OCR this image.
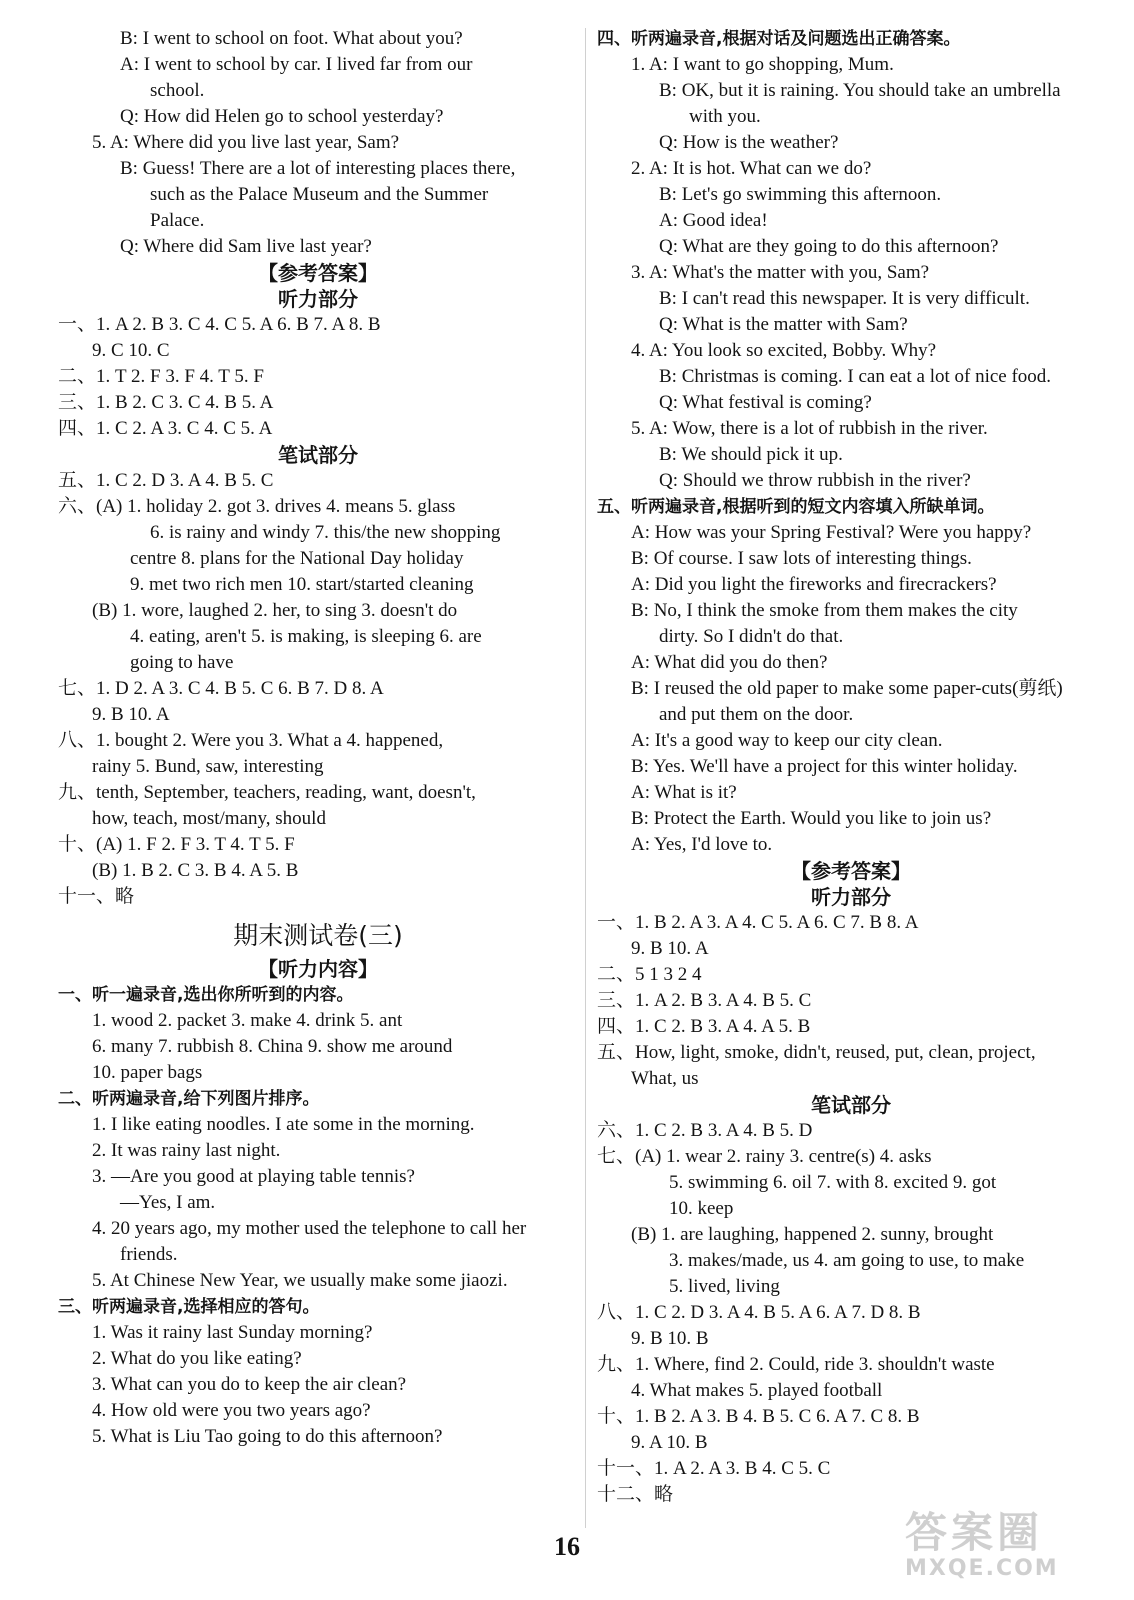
B: I went to school on foot. What about you?
A: I went to school by car. I lived far from our
school.
Q: How did Helen go to school yesterday?
5. A: Where did you live last year, Sam?
B: Guess! There are a lot of interesting places there,
such as the Palace Museum and the Summer
Palace.
Q: Where did Sam live last year?
【参考答案】
听力部分
一、1. A 2. B 3. C 4. C 5. A 6. B 7. A 8. B
9. C 10. C
二、1. T 2. F 3. F 4. T 5. F
三、1. B 2. C 3. C 4. B 5. A
四、1. C 2. A 3. C 4. C 5. A
笔试部分
五、1. C 2. D 3. A 4. B 5. C
六、(A) 1. holiday 2. got 3. drives 4. means 5. glass
6. is rainy and windy 7. this/the new shopping
centre 8. plans for the National Day holiday
9. met two rich men 10. start/started cleaning
(B) 1. wore, laughed 2. her, to sing 3. doesn't do
4. eating, aren't 5. is making, is sleeping 6. are
going to have
七、1. D 2. A 3. C 4. B 5. C 6. B 7. D 8. A
9. B 10. A
八、1. bought 2. Were you 3. What a 4. happened,
rainy 5. Bund, saw, interesting
九、tenth, September, teachers, reading, want, doesn't,
how, teach, most/many, should
十、(A) 1. F 2. F 3. T 4. T 5. F
(B) 1. B 2. C 3. B 4. A 5. B
十一、略
期末测试卷(三)
【听力内容】
一、听一遍录音,选出你所听到的内容。
1. wood 2. packet 3. make 4. drink 5. ant
6. many 7. rubbish 8. China 9. show me around
10. paper bags
二、听两遍录音,给下列图片排序。
1. I like eating noodles. I ate some in the morning.
2. It was rainy last night.
3. —Are you good at playing table tennis?
—Yes, I am.
4. 20 years ago, my mother used the telephone to call her
friends.
5. At Chinese New Year, we usually make some jiaozi.
三、听两遍录音,选择相应的答句。
1. Was it rainy last Sunday morning?
2. What do you like eating?
3. What can you do to keep the air clean?
4. How old were you two years ago?
5. What is Liu Tao going to do this afternoon?
四、听两遍录音,根据对话及问题选出正确答案。
1. A: I want to go shopping, Mum.
B: OK, but it is raining. You should take an umbrella
with you.
Q: How is the weather?
2. A: It is hot. What can we do?
B: Let's go swimming this afternoon.
A: Good idea!
Q: What are they going to do this afternoon?
3. A: What's the matter with you, Sam?
B: I can't read this newspaper. It is very difficult.
Q: What is the matter with Sam?
4. A: You look so excited, Bobby. Why?
B: Christmas is coming. I can eat a lot of nice food.
Q: What festival is coming?
5. A: Wow, there is a lot of rubbish in the river.
B: We should pick it up.
Q: Should we throw rubbish in the river?
五、听两遍录音,根据听到的短文内容填入所缺单词。
A: How was your Spring Festival? Were you happy?
B: Of course. I saw lots of interesting things.
A: Did you light the fireworks and firecrackers?
B: No, I think the smoke from them makes the city
dirty. So I didn't do that.
A: What did you do then?
B: I reused the old paper to make some paper-cuts(剪纸)
and put them on the door.
A: It's a good way to keep our city clean.
B: Yes. We'll have a project for this winter holiday.
A: What is it?
B: Protect the Earth. Would you like to join us?
A: Yes, I'd love to.
【参考答案】
听力部分
一、1. B 2. A 3. A 4. C 5. A 6. C 7. B 8. A
9. B 10. A
二、5 1 3 2 4
三、1. A 2. B 3. A 4. B 5. C
四、1. C 2. B 3. A 4. A 5. B
五、How, light, smoke, didn't, reused, put, clean, project,
What, us
笔试部分
六、1. C 2. B 3. A 4. B 5. D
七、(A) 1. wear 2. rainy 3. centre(s) 4. asks
5. swimming 6. oil 7. with 8. excited 9. got
10. keep
(B) 1. are laughing, happened 2. sunny, brought
3. makes/made, us 4. am going to use, to make
5. lived, living
八、1. C 2. D 3. A 4. B 5. A 6. A 7. D 8. B
9. B 10. B
九、1. Where, find 2. Could, ride 3. shouldn't waste
4. What makes 5. played football
十、1. B 2. A 3. B 4. B 5. C 6. A 7. C 8. B
9. A 10. B
十一、1. A 2. A 3. B 4. C 5. C
十二、略
16	答案圈
MXQE.COM
